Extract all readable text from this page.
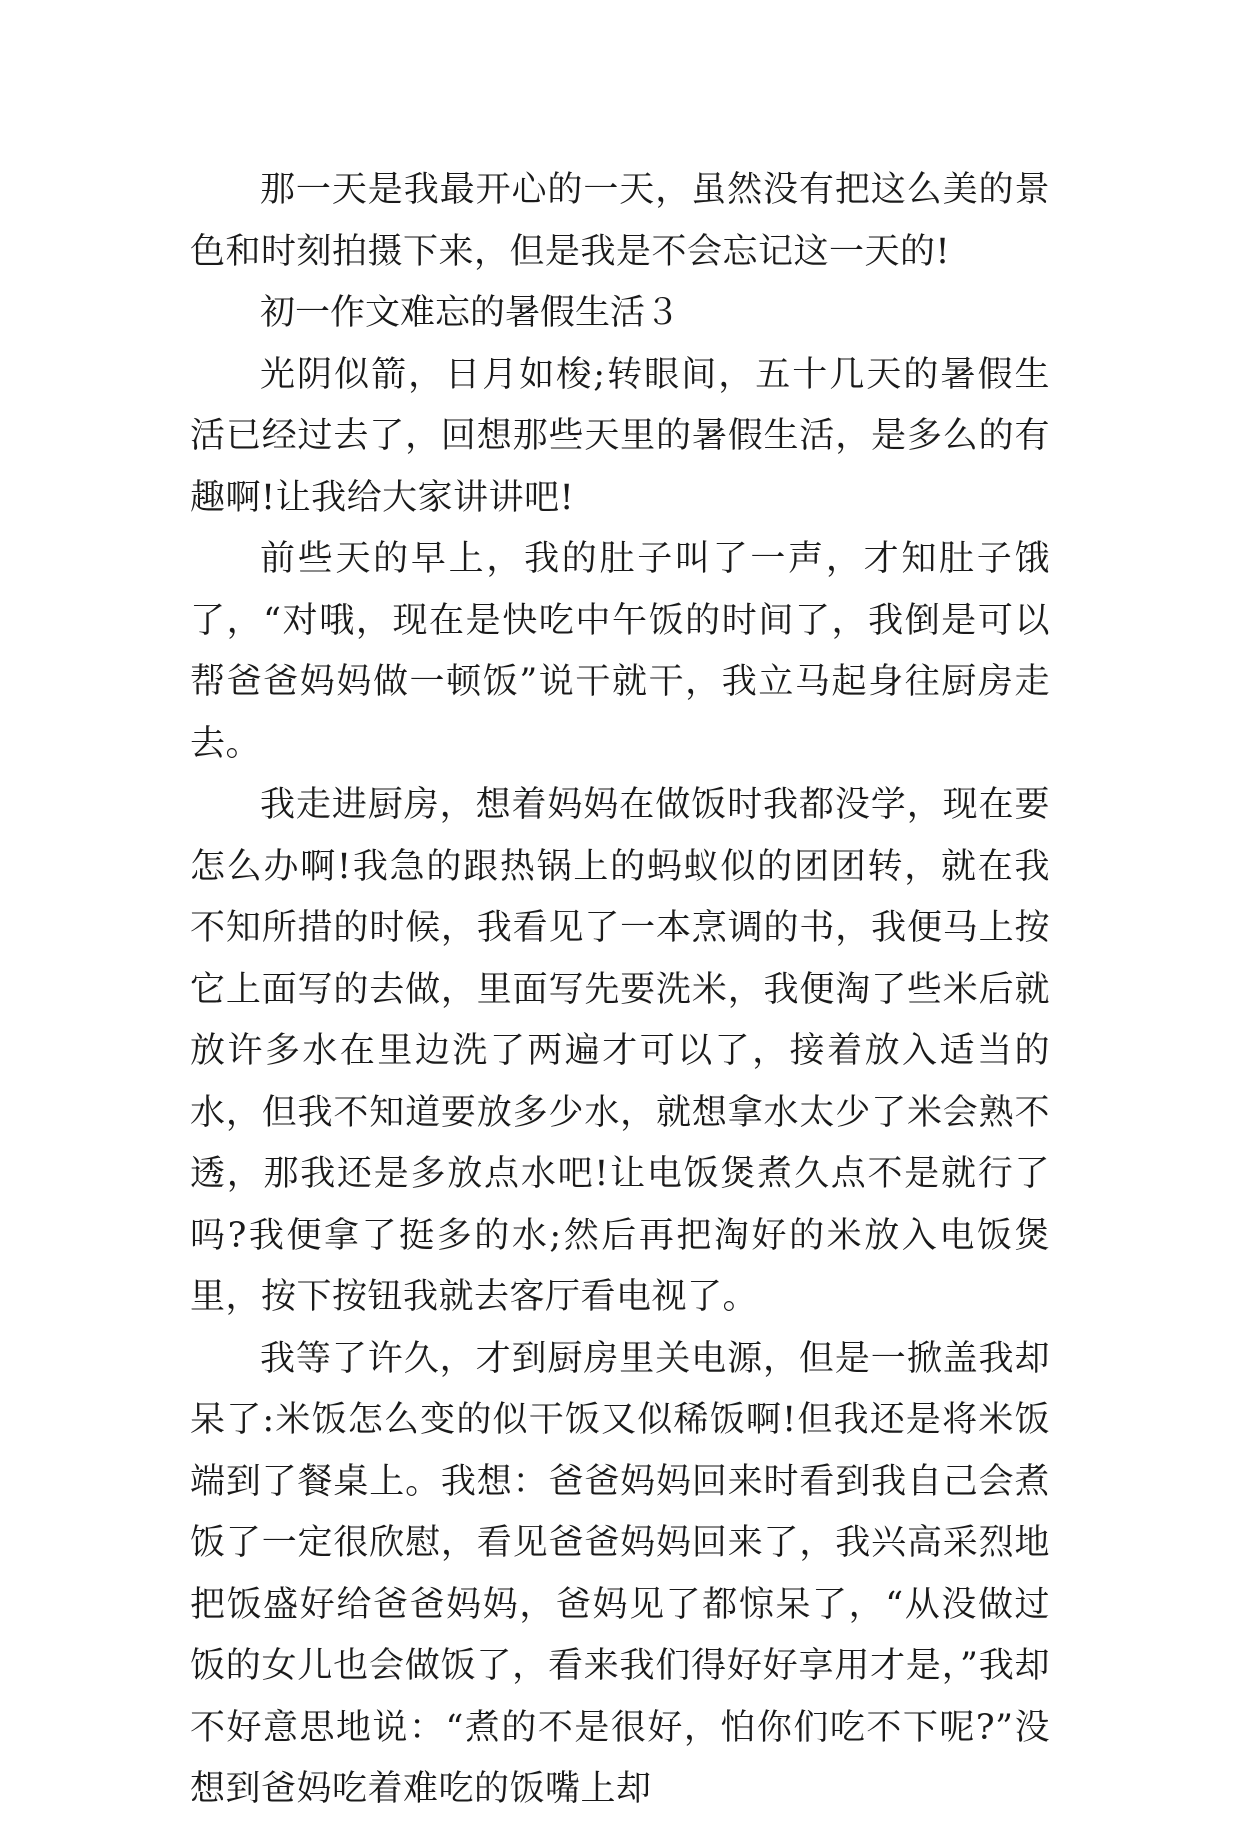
那一天是我最开心的一天，虽然没有把这么美的景色和时刻拍摄下来，但是我是不会忘记这一天的!

初一作文难忘的暑假生活３

光阴似箭，日月如梭;转眼间，五十几天的暑假生活已经过去了，回想那些天里的暑假生活，是多么的有趣啊!让我给大家讲讲吧!

前些天的早上，我的肚子叫了一声，才知肚子饿了，“对哦，现在是快吃中午饭的时间了，我倒是可以帮爸爸妈妈做一顿饭”说干就干，我立马起身往厨房走去。

我走进厨房，想着妈妈在做饭时我都没学，现在要怎么办啊!我急的跟热锅上的蚂蚁似的团团转，就在我不知所措的时候，我看见了一本烹调的书，我便马上按它上面写的去做，里面写先要洗米，我便淘了些米后就放许多水在里边洗了两遍才可以了，接着放入适当的水，但我不知道要放多少水，就想拿水太少了米会熟不透，那我还是多放点水吧!让电饭煲煮久点不是就行了吗?我便拿了挺多的水;然后再把淘好的米放入电饭煲里，按下按钮我就去客厅看电视了。

我等了许久，才到厨房里关电源，但是一掀盖我却呆了:米饭怎么变的似干饭又似稀饭啊!但我还是将米饭端到了餐桌上。我想：爸爸妈妈回来时看到我自己会煮饭了一定很欣慰，看见爸爸妈妈回来了，我兴高采烈地把饭盛好给爸爸妈妈，爸妈见了都惊呆了，“从没做过饭的女儿也会做饭了，看来我们得好好享用才是，”我却不好意思地说：“煮的不是很好，怕你们吃不下呢?”没想到爸妈吃着难吃的饭嘴上却
